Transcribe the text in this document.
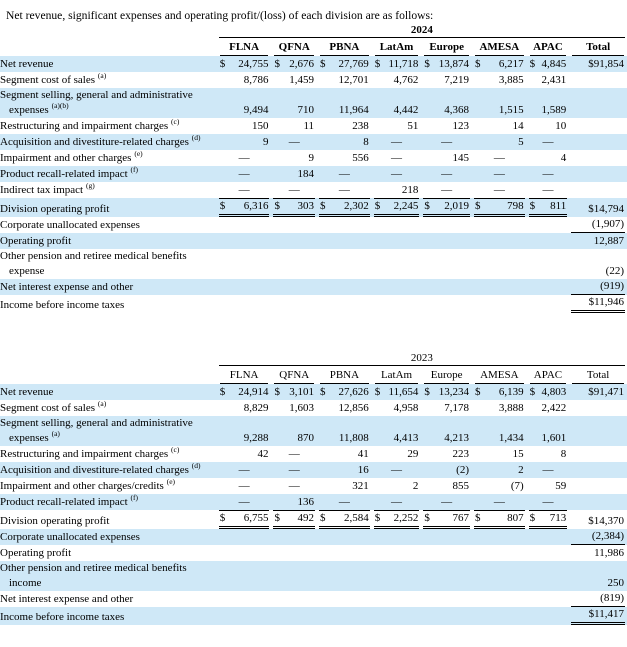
Net revenue, significant expenses and operating profit/(loss) of each division are as follows:

	2024							

	FLNA	QFNA	PBNA	LatAm	Europe	AMESA	APAC	Total

Net revenue	$ 24,755	$ 2,676	$ 27,769	$ 11,718	$ 13,874	$ 6,217	$ 4,845	$91,854

Segment cost of sales $^{(a)}$	8,786	1,459	12,701	4,762	7,219	3,885	2,431	

Segment selling, general and administrative expenses $^{(a)(b)}$	9,494	710	11,964	4,442	4,368	1,515	1,589	

Restructuring and impairment charges $^{(c)}$	150	11	238	51	123	14	10	

Acquisition and divestiture-related charges $^{(d)}$	9	—	8	—	—	5	—	

Impairment and other charges $^{(e)}$	—	9	556	—	145	—	4	

Product recall-related impact $^{(f)}$	—	184	—	—	—	—	—	

Indirect tax impact $^{(g)}$	—	—	—	218	—	—	—	

Division operating profit	$ 6,316	$ 303	$ 2,302	$ 2,245	$ 2,019	$ 798	$ 811	$14,794

Corporate unallocated expenses								(1,907)

Operating profit								12,887

Other pension and retiree medical benefits expense								(22)

Net interest expense and other								(919)

Income before income taxes								$11,946

	2023							

	FLNA	QFNA	PBNA	LatAm	Europe	AMESA	APAC	Total

Net revenue	$ 24,914	$ 3,101	$ 27,626	$ 11,654	$ 13,234	$ 6,139	$ 4,803	$91,471

Segment cost of sales $^{(a)}$	8,829	1,603	12,856	4,958	7,178	3,888	2,422	

Segment selling, general and administrative expenses $^{(a)}$	9,288	870	11,808	4,413	4,213	1,434	1,601	

Restructuring and impairment charges $^{(c)}$	42	—	41	29	223	15	8	

Acquisition and divestiture-related charges $^{(d)}$	—	—	16	—	(2)	2	—	

Impairment and other charges/credits $^{(e)}$	—	—	321	2	855	(7)	59	

Product recall-related impact $^{(f)}$	—	136	—	—	—	—	—	

Division operating profit	$ 6,755	$ 492	$ 2,584	$ 2,252	$ 767	$ 807	$ 713	$14,370

Corporate unallocated expenses								(2,384)

Operating profit								11,986

Other pension and retiree medical benefits income								250

Net interest expense and other								(819)

Income before income taxes								$11,417
